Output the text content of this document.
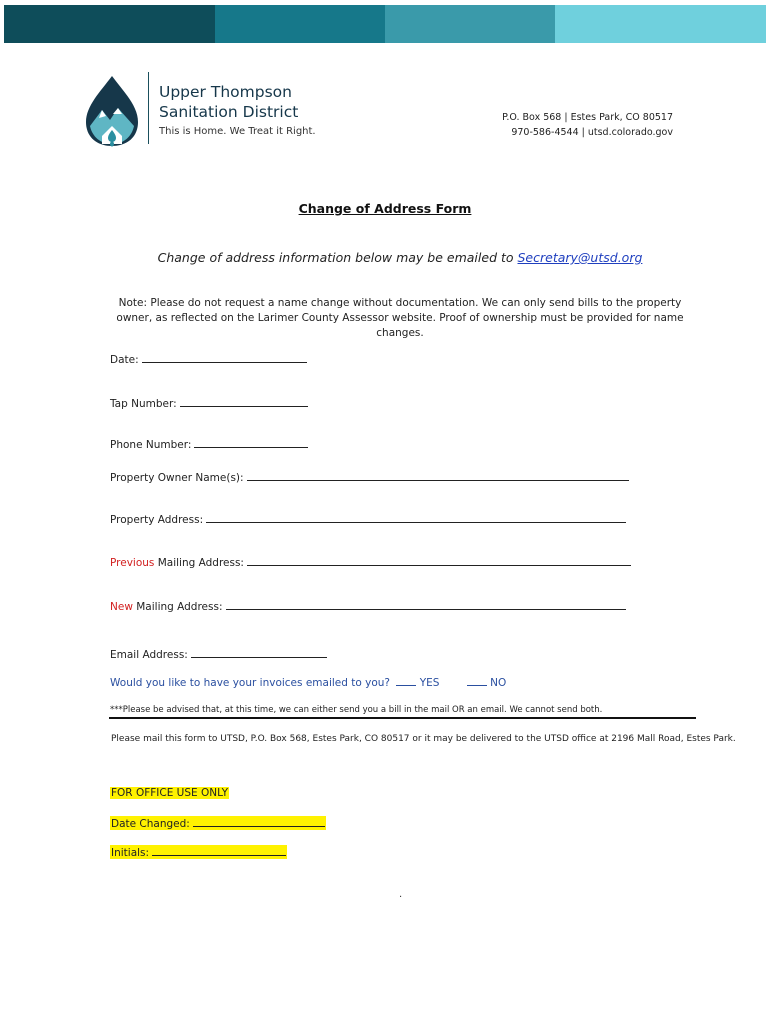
Upper Thompson
Sanitation District
This is Home. We Treat it Right.
P.O. Box 568 | Estes Park, CO 80517
970-586-4544 | utsd.colorado.gov
Change of Address Form
Change of address information below may be emailed to Secretary@utsd.org
Note: Please do not request a name change without documentation. We can only send bills to the property owner, as reflected on the Larimer County Assessor website. Proof of ownership must be provided for name changes.
Date:
Tap Number:
Phone Number:
Property Owner Name(s):
Property Address:
Previous Mailing Address:
New Mailing Address:
Email Address:
Would you like to have your invoices emailed to you?	YES	NO
***Please be advised that, at this time, we can either send you a bill in the mail OR an email. We cannot send both.
Please mail this form to UTSD, P.O. Box 568, Estes Park, CO 80517 or it may be delivered to the UTSD office at 2196 Mall Road, Estes Park.
FOR OFFICE USE ONLY
Date Changed:
Initials:
.
